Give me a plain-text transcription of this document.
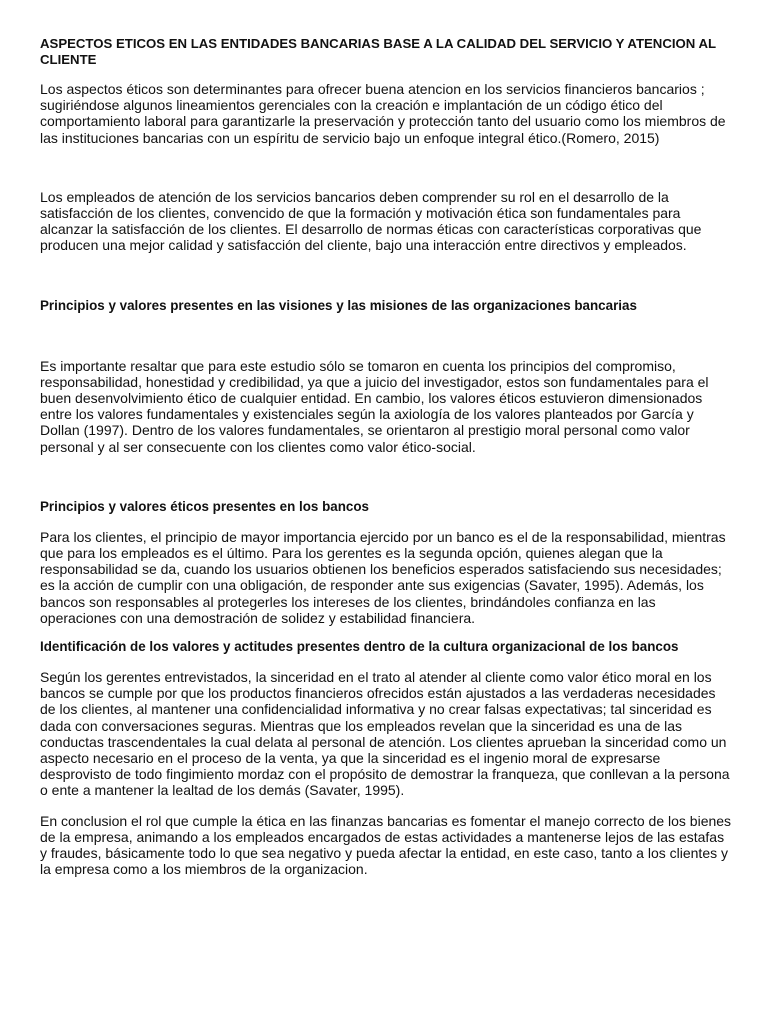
ASPECTOS ETICOS EN LAS ENTIDADES BANCARIAS BASE A LA CALIDAD DEL SERVICIO Y ATENCION AL CLIENTE

Los aspectos éticos son determinantes para ofrecer buena atencion en los servicios financieros bancarios ; sugiriéndose algunos lineamientos gerenciales con la creación e implantación de un código ético del comportamiento laboral para garantizarle la preservación y protección tanto del usuario como los miembros de las instituciones bancarias con un espíritu de servicio bajo un enfoque integral ético.(Romero, 2015)

Los empleados de atención de los servicios bancarios deben comprender su rol en el desarrollo de la satisfacción de los clientes, convencido de que la formación y motivación ética son fundamentales para alcanzar la satisfacción de los clientes. El desarrollo de normas éticas con características corporativas que producen una mejor calidad y satisfacción del cliente, bajo una interacción entre directivos y empleados.

Principios y valores presentes en las visiones y las misiones de las organizaciones bancarias

Es importante resaltar que para este estudio sólo se tomaron en cuenta los principios del compromiso, responsabilidad, honestidad y credibilidad, ya que a juicio del investigador, estos son fundamentales para el buen desenvolvimiento ético de cualquier entidad. En cambio, los valores éticos estuvieron dimensionados entre los valores fundamentales y existenciales según la axiología de los valores planteados por García y Dollan (1997). Dentro de los valores fundamentales, se orientaron al prestigio moral personal como valor personal y al ser consecuente con los clientes como valor ético-social.

Principios y valores éticos presentes en los bancos

Para los clientes, el principio de mayor importancia ejercido por un banco es el de la responsabilidad, mientras que para los empleados es el último. Para los gerentes es la segunda opción, quienes alegan que la responsabilidad se da, cuando los usuarios obtienen los beneficios esperados satisfaciendo sus necesidades; es la acción de cumplir con una obligación, de responder ante sus exigencias (Savater, 1995). Además, los bancos son responsables al protegerles los intereses de los clientes, brindándoles confianza en las operaciones con una demostración de solidez y estabilidad financiera.

Identificación de los valores y actitudes presentes dentro de la cultura organizacional de los bancos

Según los gerentes entrevistados, la sinceridad en el trato al atender al cliente como valor ético moral en los bancos se cumple por que los productos financieros ofrecidos están ajustados a las verdaderas necesidades de los clientes, al mantener una confidencialidad informativa y no crear falsas expectativas; tal sinceridad es dada con conversaciones seguras. Mientras que los empleados revelan que la sinceridad es una de las conductas trascendentales la cual delata al personal de atención. Los clientes aprueban la sinceridad como un aspecto necesario en el proceso de la venta, ya que la sinceridad es el ingenio moral de expresarse desprovisto de todo fingimiento mordaz con el propósito de demostrar la franqueza, que conllevan a la persona o ente a mantener la lealtad de los demás (Savater, 1995).

En conclusion el rol que cumple la ética en las finanzas bancarias es fomentar el manejo correcto de los bienes de la empresa, animando a los empleados encargados de estas actividades a mantenerse lejos de las estafas y fraudes, básicamente todo lo que sea negativo y pueda afectar la entidad, en este caso, tanto a los clientes y la empresa como a los miembros de la organizacion.
